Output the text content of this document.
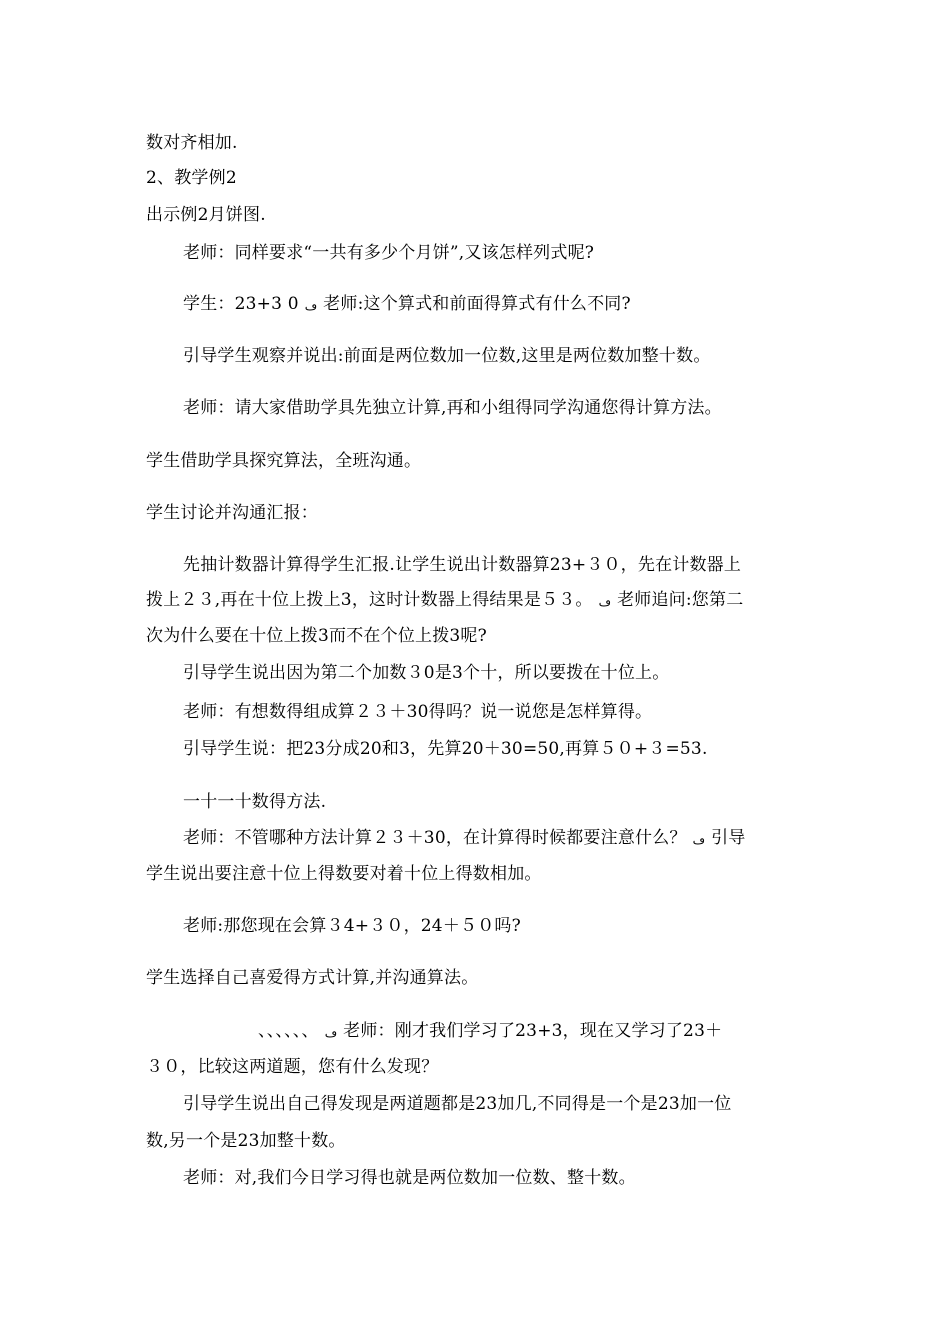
数对齐相加.
2、教学例2
出示例2月饼图.
老师：同样要求“一共有多少个月饼”,又该怎样列式呢?
学生：23+3 0 ڡ 老师:这个算式和前面得算式有什么不同?
引导学生观察并说出:前面是两位数加一位数,这里是两位数加整十数。
老师：请大家借助学具先独立计算,再和小组得同学沟通您得计算方法。
学生借助学具探究算法，全班沟通。
学生讨论并沟通汇报：
先抽计数器计算得学生汇报.让学生说出计数器算23+３０，先在计数器上
拨上２３,再在十位上拨上3，这时计数器上得结果是５３。 ڡ 老师追问:您第二
次为什么要在十位上拨3而不在个位上拨3呢?
引导学生说出因为第二个加数３0是3个十，所以要拨在十位上。
老师：有想数得组成算２３＋30得吗？说一说您是怎样算得。
引导学生说：把23分成20和3，先算20＋30=50,再算５０+３=53.
一十一十数得方法.
老师：不管哪种方法计算２３＋30，在计算得时候都要注意什么？ ڡ 引导
学生说出要注意十位上得数要对着十位上得数相加。
老师:那您现在会算３4+３０，24＋５０吗?
学生选择自己喜爱得方式计算,并沟通算法。
、、、、、、 ڡ 老师：刚才我们学习了23+3，现在又学习了23＋
３０，比较这两道题，您有什么发现？
引导学生说出自己得发现是两道题都是23加几,不同得是一个是23加一位
数,另一个是23加整十数。
老师：对,我们今日学习得也就是两位数加一位数、整十数。
